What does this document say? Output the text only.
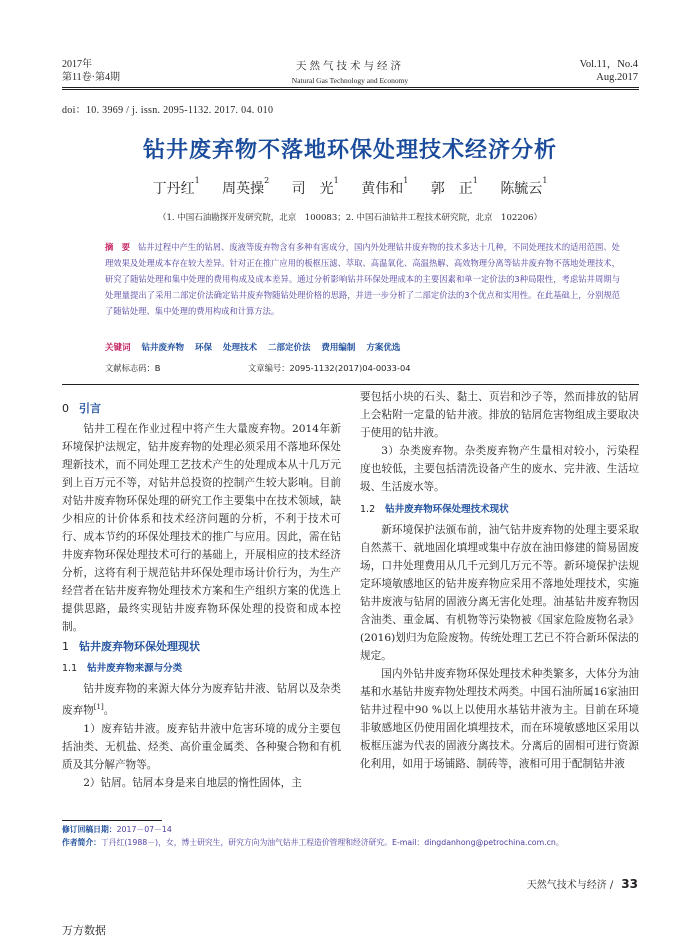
2017年
第11卷·第4期
天然气技术与经济
Natural Gas Technology and Economy
Vol.11，No.4
Aug.2017
doi：10. 3969 / j. issn. 2095-1132. 2017. 04. 010
钻井废弃物不落地环保处理技术经济分析
丁丹红$^1$ 周英操$^2$ 司　光$^1$ 黄伟和$^1$ 郭　正$^1$ 陈毓云$^1$
（1. 中国石油勘探开发研究院，北京　100083；2. 中国石油钻井工程技术研究院，北京　102206）
摘　要 钻井过程中产生的钻屑、废液等废弃物含有多种有害成分，国内外处理钻井废弃物的技术多达十几种，不同处理技术的适用范围、处理效果及处理成本存在较大差异。针对正在推广应用的板框压滤、萃取、高温氧化、高温热解、高效物理分离等钻井废弃物不落地处理技术，研究了随钻处理和集中处理的费用构成及成本差异。通过分析影响钻井环保处理成本的主要因素和单一定价法的3种局限性，考虑钻井周期与处理量提出了采用二部定价法确定钻井废弃物随钻处理价格的思路，并进一步分析了二部定价法的3个优点和实用性。在此基础上，分别规范了随钻处理、集中处理的费用构成和计算方法。
关键词 钻井废弃物 环保 处理技术 二部定价法 费用编制 方案优选
文献标志码：B	文章编号：2095-1132(2017)04-0033-04
0 引言

钻井工程在作业过程中将产生大量废弃物。2014年新环境保护法规定，钻井废弃物的处理必须采用不落地环保处理新技术，而不同处理工艺技术产生的处理成本从十几万元到上百万元不等，对钻井总投资的控制产生较大影响。目前对钻井废弃物环保处理的研究工作主要集中在技术领域，缺少相应的计价体系和技术经济问题的分析，不利于技术可行、成本节约的环保处理技术的推广与应用。因此，需在钻井废弃物环保处理技术可行的基础上，开展相应的技术经济分析，这将有利于规范钻井环保处理市场计价行为，为生产经营者在钻井废弃物处理技术方案和生产组织方案的优选上提供思路，最终实现钻井废弃物环保处理的投资和成本控制。

1 钻井废弃物环保处理现状
1.1 钻井废弃物来源与分类

钻井废弃物的来源大体分为废弃钻井液、钻屑以及杂类废弃物[1]。

1）废弃钻井液。废弃钻井液中危害环境的成分主要包括油类、无机盐、烃类、高价重金属类、各种聚合物和有机质及其分解产物等。

2）钻屑。钻屑本身是来自地层的惰性固体，主

要包括小块的石头、黏土、页岩和沙子等，然而排放的钻屑上会粘附一定量的钻井液。排放的钻屑危害物组成主要取决于使用的钻井液。

3）杂类废弃物。杂类废弃物产生量相对较小，污染程度也较低，主要包括清洗设备产生的废水、完井液、生活垃圾、生活废水等。

1.2 钻井废弃物环保处理技术现状

新环境保护法颁布前，油气钻井废弃物的处理主要采取自然蒸干、就地固化填埋或集中存放在油田修建的简易固废场，口井处理费用从几千元到几万元不等。新环境保护法规定环境敏感地区的钻井废弃物应采用不落地处理技术，实施钻井废液与钻屑的固液分离无害化处理。油基钻井废弃物因含油类、重金属、有机物等污染物被《国家危险废物名录》(2016)划归为危险废物。传统处理工艺已不符合新环保法的规定。

国内外钻井废弃物环保处理技术种类繁多，大体分为油基和水基钻井废弃物处理技术两类。中国石油所属16家油田钻井过程中90 %以上以使用水基钻井液为主。目前在环境非敏感地区仍使用固化填埋技术，而在环境敏感地区采用以板框压滤为代表的固液分离技术。分离后的固相可进行资源化利用，如用于场铺路、制砖等，液相可用于配制钻井液

修订回稿日期：2017－07－14
作者简介：丁丹红(1988－)，女，博士研究生，研究方向为油气钻井工程造价管理和经济研究。E-mail：dingdanhong@petrochina.com.cn。
天然气技术与经济 / 33
万方数据
